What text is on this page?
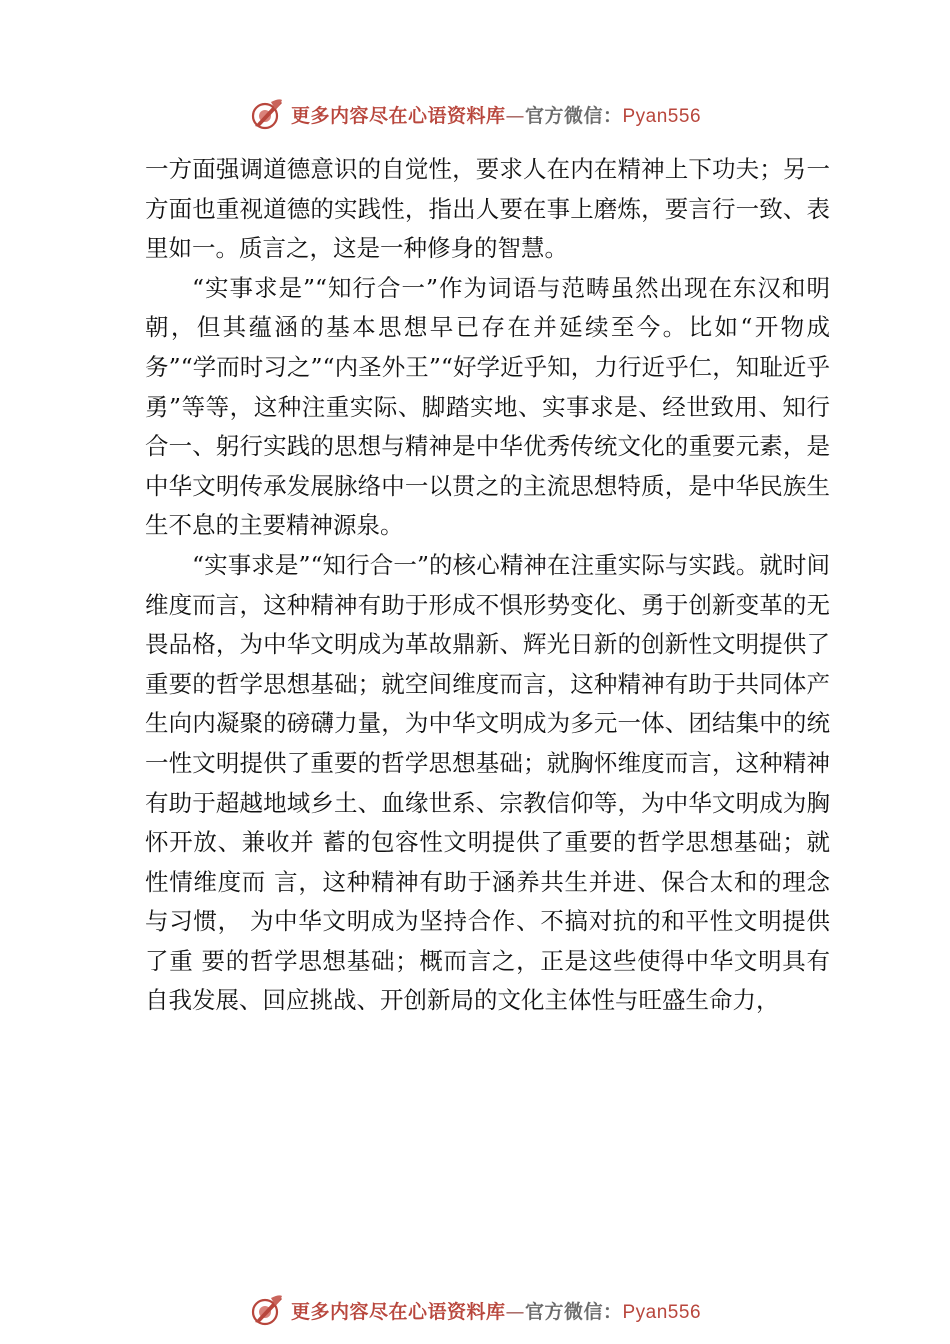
更多内容尽在心语资料库—官方微信：Pyan556

一方面强调道德意识的自觉性，要求人在内在精神上下功夫；另一方面也重视道德的实践性，指出人要在事上磨炼，要言行一致、表里如一。质言之，这是一种修身的智慧。

“实事求是”“知行合一”作为词语与范畴虽然出现在东汉和明朝，但其蕴涵的基本思想早已存在并延续至今。比如“开物成务”“学而时习之”“内圣外王”“好学近乎知，力行近乎仁，知耻近乎勇”等等，这种注重实际、脚踏实地、实事求是、经世致用、知行合一、躬行实践的思想与精神是中华优秀传统文化的重要元素，是中华文明传承发展脉络中一以贯之的主流思想特质，是中华民族生生不息的主要精神源泉。

“实事求是”“知行合一”的核心精神在注重实际与实践。就时间维度而言，这种精神有助于形成不惧形势变化、勇于创新变革的无畏品格，为中华文明成为革故鼎新、辉光日新的创新性文明提供了重要的哲学思想基础；就空间维度而言，这种精神有助于共同体产生向内凝聚的磅礴力量，为中华文明成为多元一体、团结集中的统一性文明提供了重要的哲学思想基础；就胸怀维度而言，这种精神有助于超越地域乡土、血缘世系、宗教信仰等，为中华文明成为胸怀开放、兼收并 蓄的包容性文明提供了重要的哲学思想基础；就性情维度而 言，这种精神有助于涵养共生并进、保合太和的理念与习惯， 为中华文明成为坚持合作、不搞对抗的和平性文明提供了重 要的哲学思想基础；概而言之，正是这些使得中华文明具有 自我发展、回应挑战、开创新局的文化主体性与旺盛生命力，

更多内容尽在心语资料库—官方微信：Pyan556
